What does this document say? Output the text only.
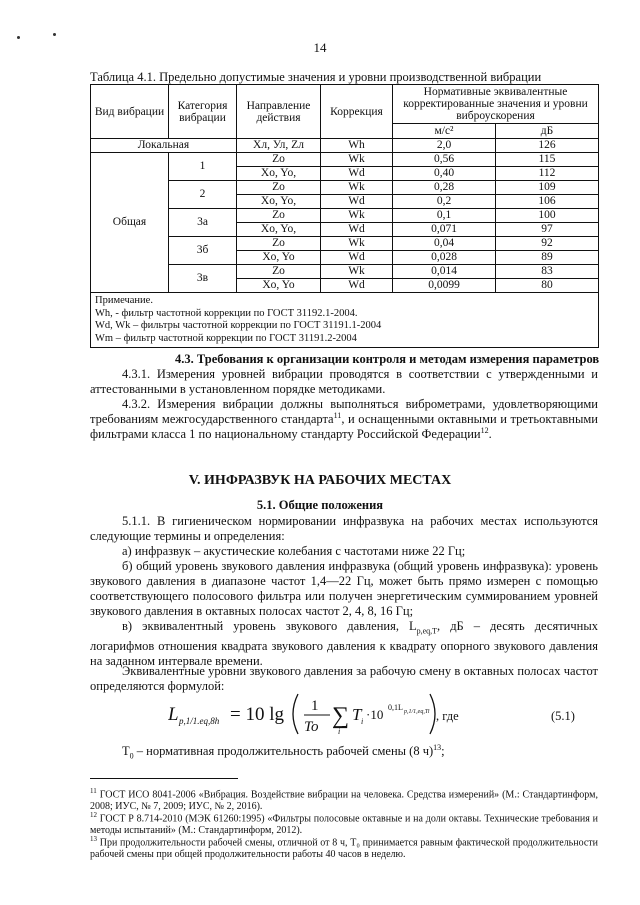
14
Таблица 4.1. Предельно допустимые значения и уровни производственной вибрации
Вид вибрации	Категория вибрации	Направление действия	Коррекция	Нормативные эквивалентные корректированные значения и уровни виброускорения	
				м/с²	дБ
Локальная		Хл, Ул, Zл	Wh	2,0	126
Общая	1	Zo	Wk	0,56	115
		Xo, Yo,	Wd	0,40	112
	2	Zo	Wk	0,28	109
		Xo, Yo,	Wd	0,2	106
	3а	Zo	Wk	0,1	100
		Xo, Yo,	Wd	0,071	97
	3б	Zo	Wk	0,04	92
		Xo, Yo	Wd	0,028	89
	3в	Zo	Wk	0,014	83
		Xo, Yo	Wd	0,0099	80

Примечание.
Wh, - фильтр частотной коррекции по ГОСТ 31192.1-2004.
Wd, Wk – фильтры частотной коррекции по ГОСТ 31191.1-2004
Wm – фильтр частотной коррекции по ГОСТ 31191.2-2004					
4.3. Требования к организации контроля и методам измерения параметров
4.3.1. Измерения уровней вибрации проводятся в соответствии с утвержденными и аттестованными в установленном порядке методиками.
4.3.2. Измерения вибрации должны выполняться виброметрами, удовлетворяющими требованиям межгосударственного стандарта$^{11}$, и оснащенными октавными и третьоктавными фильтрами класса 1 по национальному стандарту Российской Федерации$^{12}$.
V. ИНФРАЗВУК НА РАБОЧИХ МЕСТАХ
5.1. Общие положения
5.1.1. В гигиеническом нормировании инфразвука на рабочих местах используются следующие термины и определения:
а) инфразвук – акустические колебания с частотами ниже 22 Гц;
б) общий уровень звукового давления инфразвука (общий уровень инфразвука): уровень звукового давления в диапазоне частот 1,4—22 Гц, может быть прямо измерен с помощью соответствующего полосового фильтра или получен энергетическим суммированием уровней звукового давления в октавных полосах частот 2, 4, 8, 16 Гц;
в) эквивалентный уровень звукового давления, $L_{p,eq,T}$, дБ – десять десятичных логарифмов отношения квадрата звукового давления к квадрату опорного звукового давления на заданном интервале времени.
Эквивалентные уровни звукового давления за рабочую смену в октавных полосах частот определяются формулой:
L p,1/1.eq,8h = 10 lg 1
To ∑
i
T i ·10 0,1L p,1/1,eq,Ti , где	(5.1)
$T_0$ – нормативная продолжительность рабочей смены (8 ч)$^{13}$;
$^{11}$ ГОСТ ИСО 8041-2006 «Вибрация. Воздействие вибрации на человека. Средства измерений» (М.: Стандартинформ, 2008; ИУС, № 7, 2009; ИУС, № 2, 2016).
$^{12}$ ГОСТ Р 8.714-2010 (МЭК 61260:1995) «Фильтры полосовые октавные и на доли октавы. Технические требования и методы испытаний» (М.: Стандартинформ, 2012).
$^{13}$ При продолжительности рабочей смены, отличной от 8 ч, T₀ принимается равным фактической продолжительности рабочей смены при общей продолжительности работы 40 часов в неделю.
